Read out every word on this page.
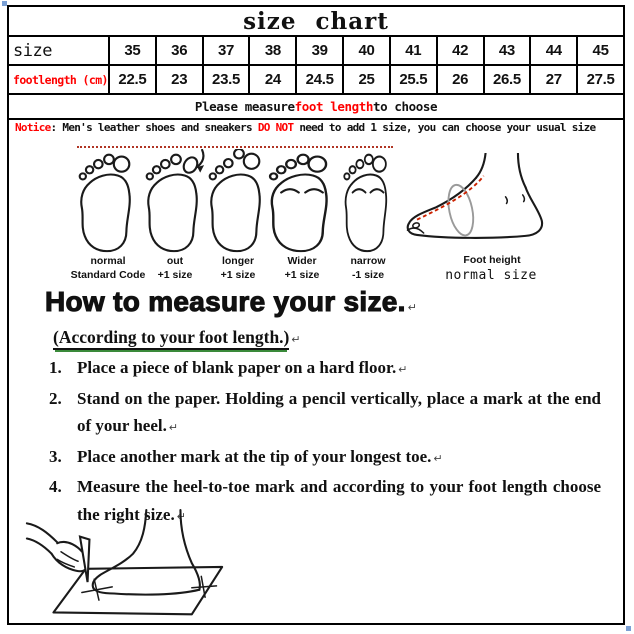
size chart
size	35	36	37	38	39	40	41	42	43	44	45
footlength (cm) 22.5	23	23.5	24	24.5	25	25.5	26	26.5	27	27.5
Please measure foot length to choose
Notice: Men's leather shoes and sneakers DO NOT need to add 1 size, you can choose your usual size
normal
Standard Code
out
+1 size
longer
+1 size
Wider
+1 size
narrow
-1 size
Foot height
normal size
How to measure your size. ↵
(According to your foot length.) ↵
1. Place a piece of blank paper on a hard floor. ↵
2. Stand on the paper. Holding a pencil vertically, place a mark at the end of your heel. ↵
3. Place another mark at the tip of your longest toe. ↵
4. Measure the heel-to-toe mark and according to your foot length choose the right size. ↵
